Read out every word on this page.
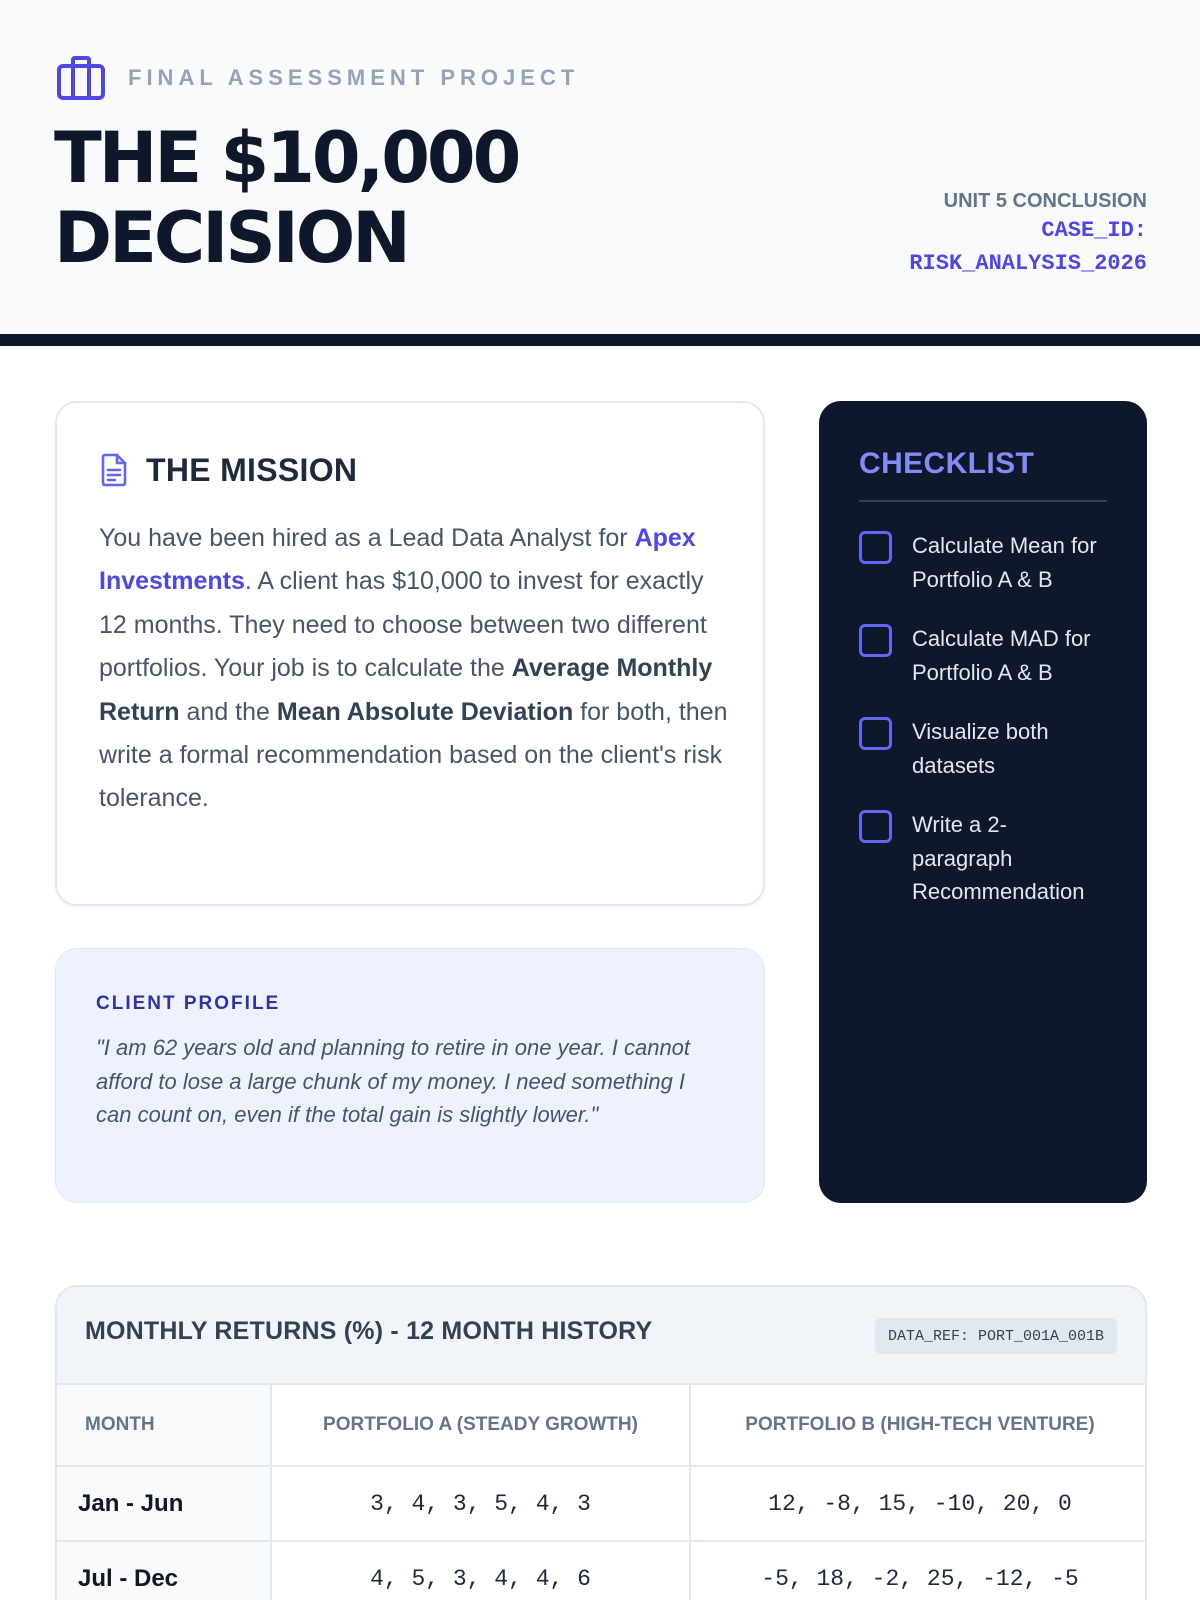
FINAL ASSESSMENT PROJECT
THE $10,000
DECISION	UNIT 5 CONCLUSION
CASE_ID:
RISK_ANALYSIS_2026
THE MISSION

You have been hired as a Lead Data Analyst for Apex Investments. A client has $10,000 to invest for exactly 12 months. They need to choose between two different portfolios. Your job is to calculate the Average Monthly Return and the Mean Absolute Deviation for both, then write a formal recommendation based on the client's risk tolerance.

CLIENT PROFILE
"I am 62 years old and planning to retire in one year. I cannot afford to lose a large chunk of my money. I need something I can count on, even if the total gain is slightly lower."
CHECKLIST
Calculate Mean for Portfolio A & B
Calculate MAD for Portfolio A & B
Visualize both datasets
Write a 2-paragraph Recommendation
MONTHLY RETURNS (%) - 12 MONTH HISTORY	DATA_REF: PORT_001A_001B
MONTH	PORTFOLIO A (STEADY GROWTH)	PORTFOLIO B (HIGH-TECH VENTURE)
Jan - Jun	3, 4, 3, 5, 4, 3	12, -8, 15, -10, 20, 0
Jul - Dec	4, 5, 3, 4, 4, 6	-5, 18, -2, 25, -12, -5
